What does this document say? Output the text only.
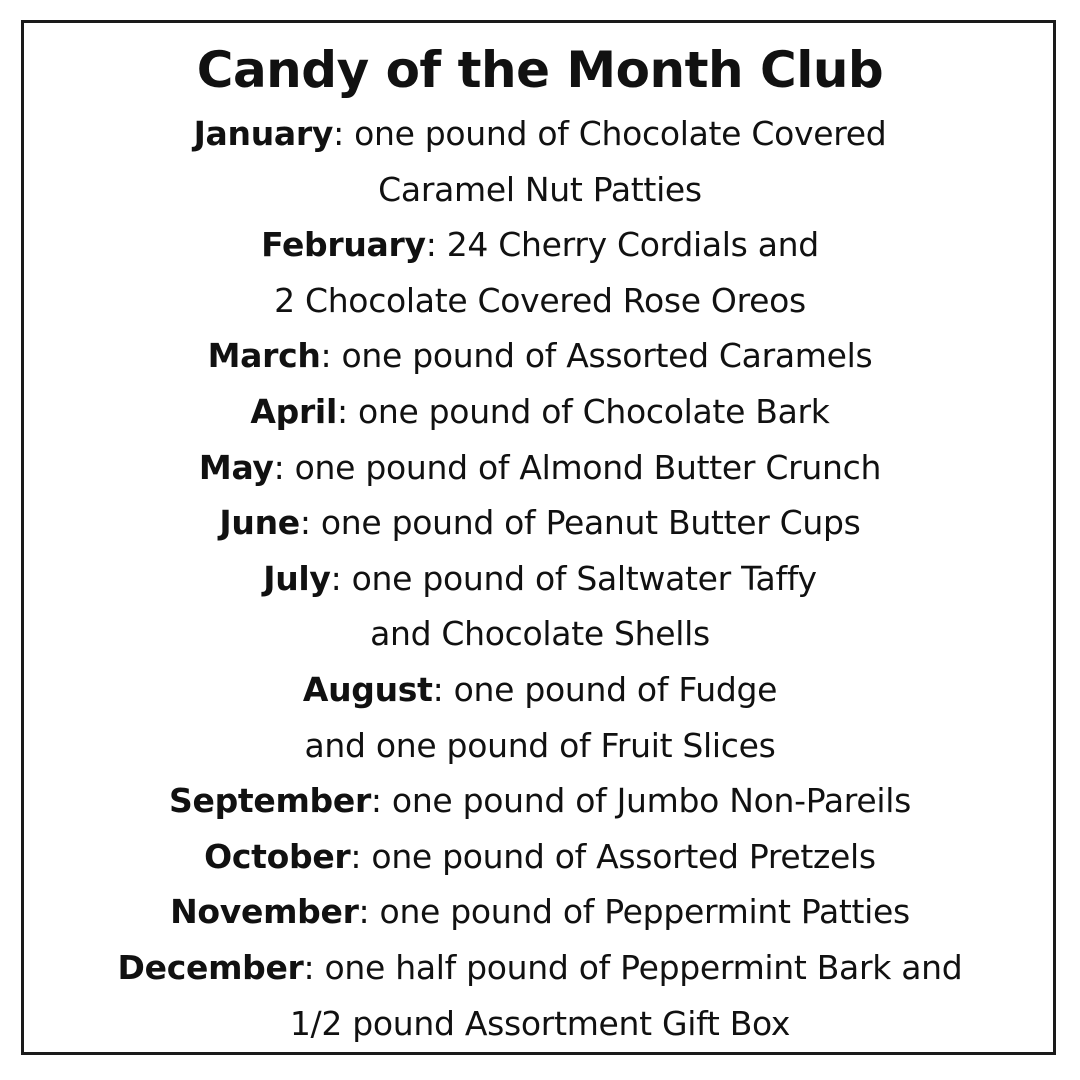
Candy of the Month Club
January: one pound of Chocolate Covered
Caramel Nut Patties
February: 24 Cherry Cordials and
2 Chocolate Covered Rose Oreos
March: one pound of Assorted Caramels
April: one pound of Chocolate Bark
May: one pound of Almond Butter Crunch
June: one pound of Peanut Butter Cups
July: one pound of Saltwater Taffy
and Chocolate Shells
August: one pound of Fudge
and one pound of Fruit Slices
September: one pound of Jumbo Non-Pareils
October: one pound of Assorted Pretzels
November: one pound of Peppermint Patties
December: one half pound of Peppermint Bark and
1/2 pound Assortment Gift Box
